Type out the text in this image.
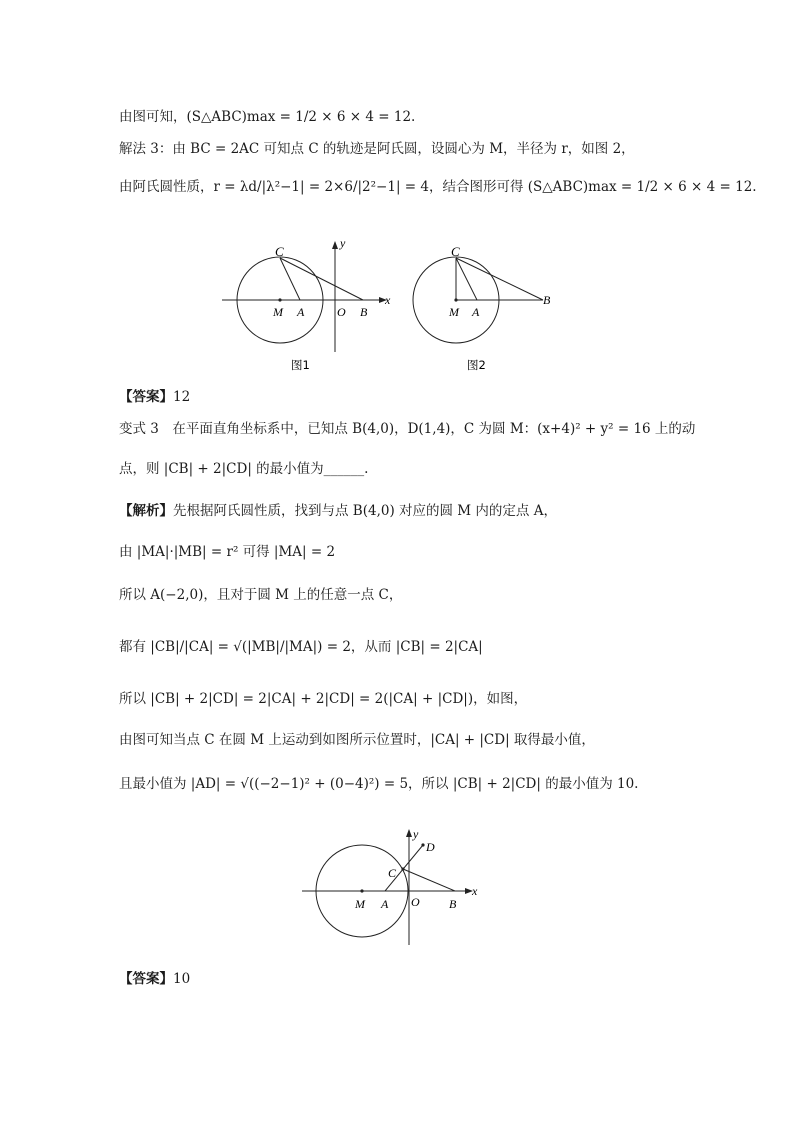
由图可知，(S△ABC)max = 1/2 × 6 × 4 = 12.
解法 3：由 BC = 2AC 可知点 C 的轨迹是阿氏圆，设圆心为 M，半径为 r，如图 2，
由阿氏圆性质，r = λd/|λ²−1| = 2×6/|2²−1| = 4，结合图形可得 (S△ABC)max = 1/2 × 6 × 4 = 12.
C
y
x
M A	O B
图1
C
B
M A
图2
【答案】12
变式 3　在平面直角坐标系中，已知点 B(4,0)，D(1,4)，C 为圆 M：(x+4)² + y² = 16 上的动
点，则 |CB| + 2|CD| 的最小值为______.
【解析】先根据阿氏圆性质，找到与点 B(4,0) 对应的圆 M 内的定点 A，
由 |MA|·|MB| = r² 可得 |MA| = 2
所以 A(−2,0)，且对于圆 M 上的任意一点 C，
都有 |CB|/|CA| = √(|MB|/|MA|) = 2，从而 |CB| = 2|CA|
所以 |CB| + 2|CD| = 2|CA| + 2|CD| = 2(|CA| + |CD|)，如图，
由图可知当点 C 在圆 M 上运动到如图所示位置时，|CA| + |CD| 取得最小值，
且最小值为 |AD| = √((−2−1)² + (0−4)²) = 5，所以 |CB| + 2|CD| 的最小值为 10.
y
D
C
x
M A O B
【答案】10
